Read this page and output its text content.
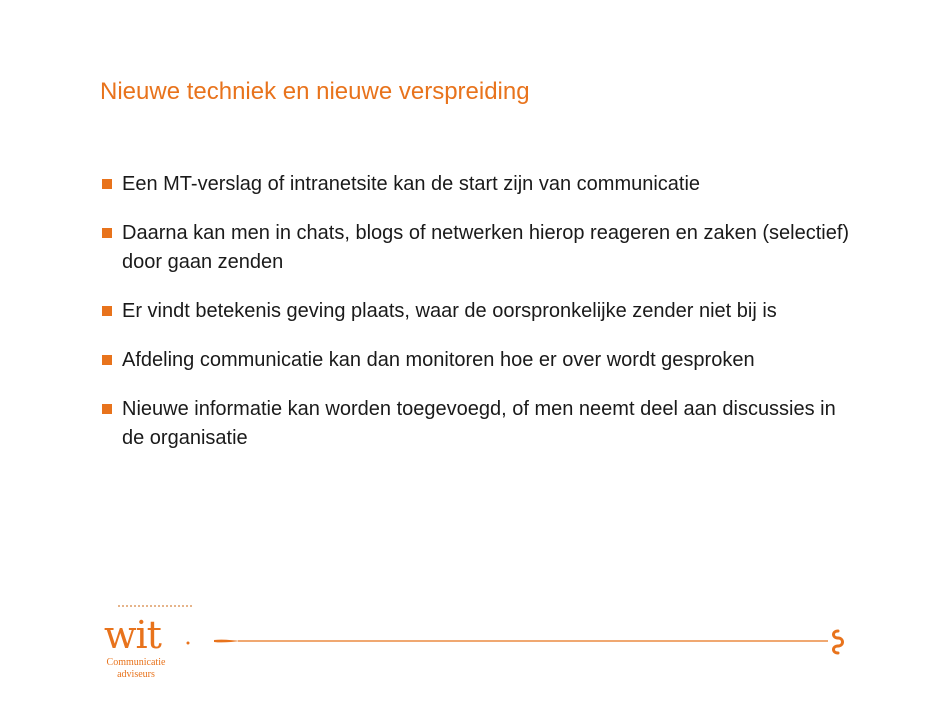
Nieuwe techniek en nieuwe verspreiding
Een MT-verslag of intranetsite kan de start zijn van communicatie
Daarna kan men in chats, blogs of netwerken hierop reageren en zaken (selectief) door gaan zenden
Er vindt betekenis geving plaats, waar de oorspronkelijke zender niet bij is
Afdeling communicatie kan dan monitoren hoe er over wordt gesproken
Nieuwe informatie kan worden toegevoegd, of men neemt deel aan discussies in de organisatie
wit
Communicatie
adviseurs
